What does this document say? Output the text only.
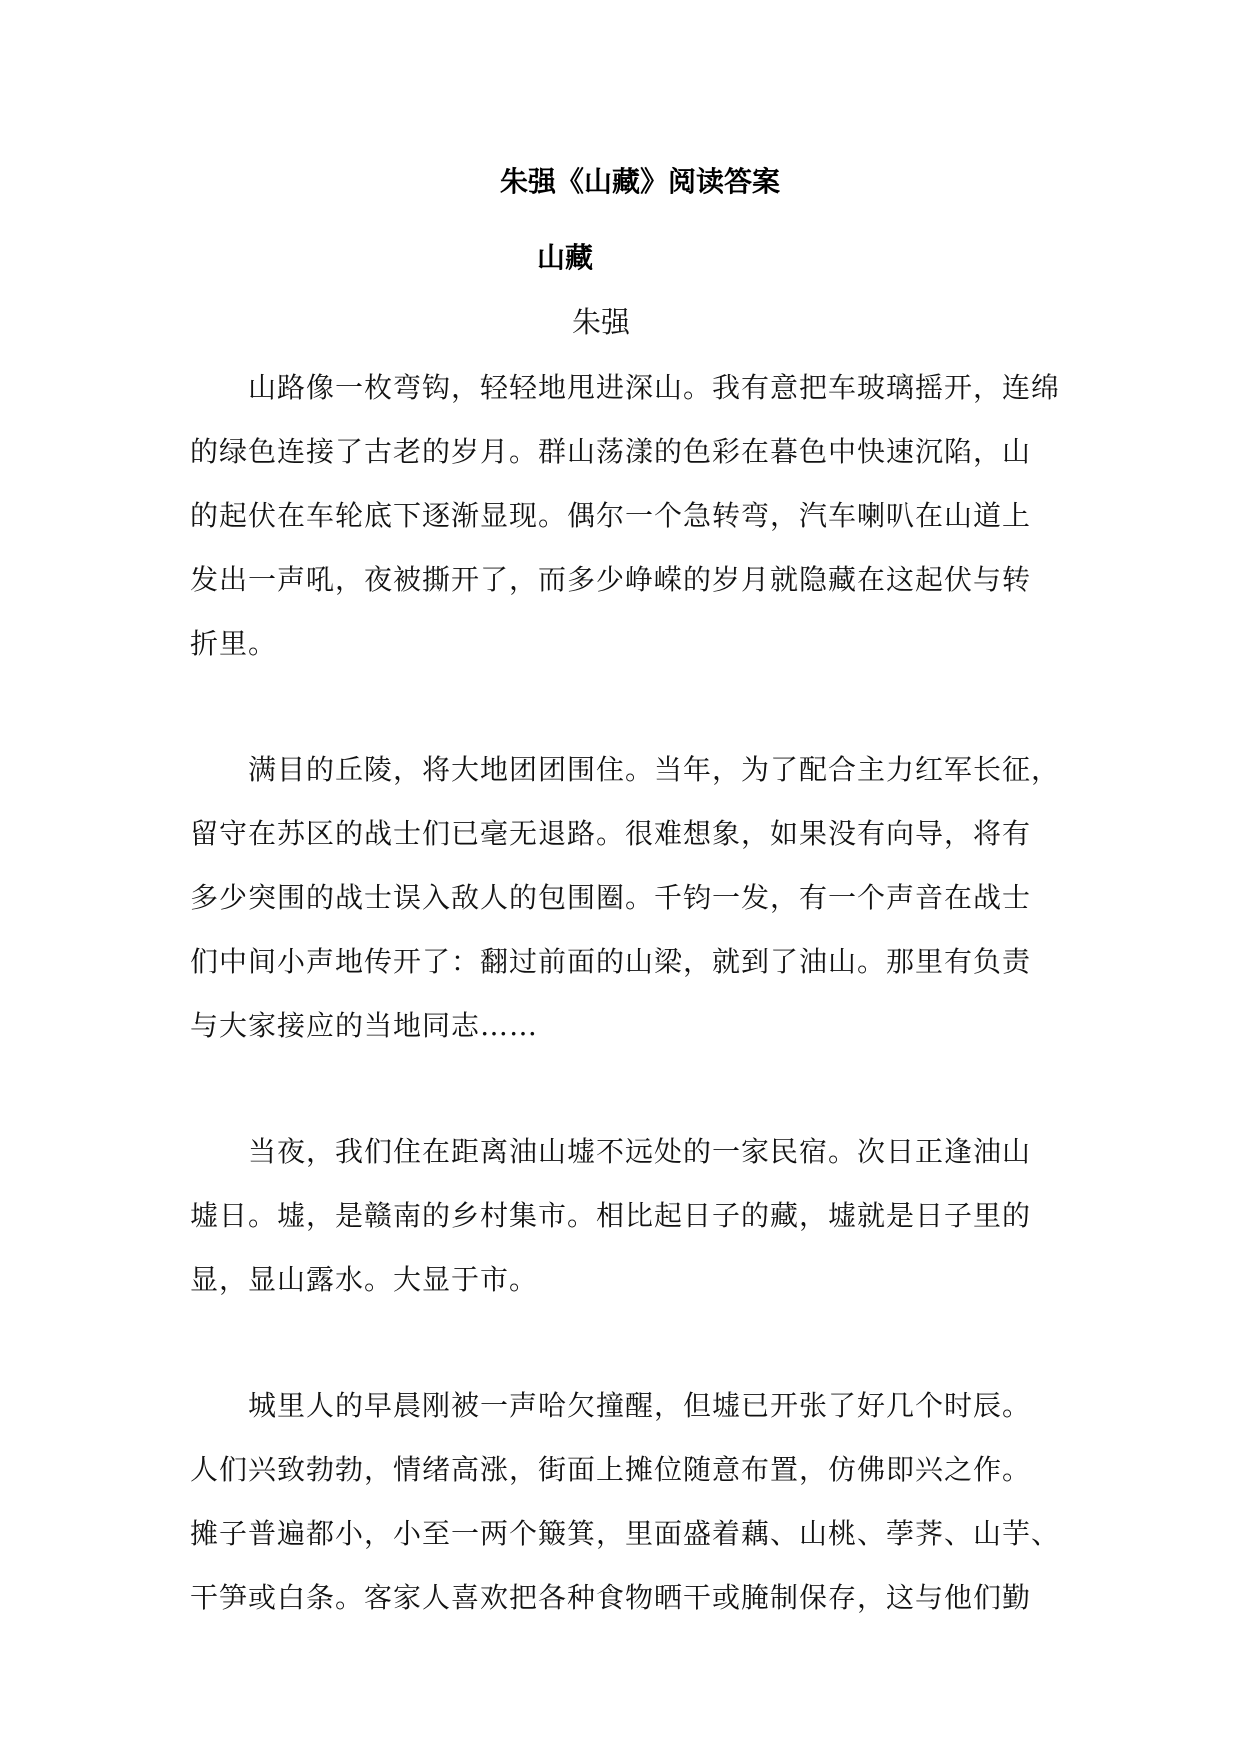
朱强《山藏》阅读答案
山藏
朱强
山路像一枚弯钩，轻轻地甩进深山。我有意把车玻璃摇开，连绵
的绿色连接了古老的岁月。群山荡漾的色彩在暮色中快速沉陷，山
的起伏在车轮底下逐渐显现。偶尔一个急转弯，汽车喇叭在山道上
发出一声吼，夜被撕开了，而多少峥嵘的岁月就隐藏在这起伏与转
折里。
满目的丘陵，将大地团团围住。当年，为了配合主力红军长征，
留守在苏区的战士们已毫无退路。很难想象，如果没有向导，将有
多少突围的战士误入敌人的包围圈。千钧一发，有一个声音在战士
们中间小声地传开了：翻过前面的山梁，就到了油山。那里有负责
与大家接应的当地同志……
当夜，我们住在距离油山墟不远处的一家民宿。次日正逢油山
墟日。墟，是赣南的乡村集市。相比起日子的藏，墟就是日子里的
显，显山露水。大显于市。
城里人的早晨刚被一声哈欠撞醒，但墟已开张了好几个时辰。
人们兴致勃勃，情绪高涨，街面上摊位随意布置，仿佛即兴之作。
摊子普遍都小，小至一两个簸箕，里面盛着藕、山桃、荸荠、山芋、
干笋或白条。客家人喜欢把各种食物晒干或腌制保存，这与他们勤
